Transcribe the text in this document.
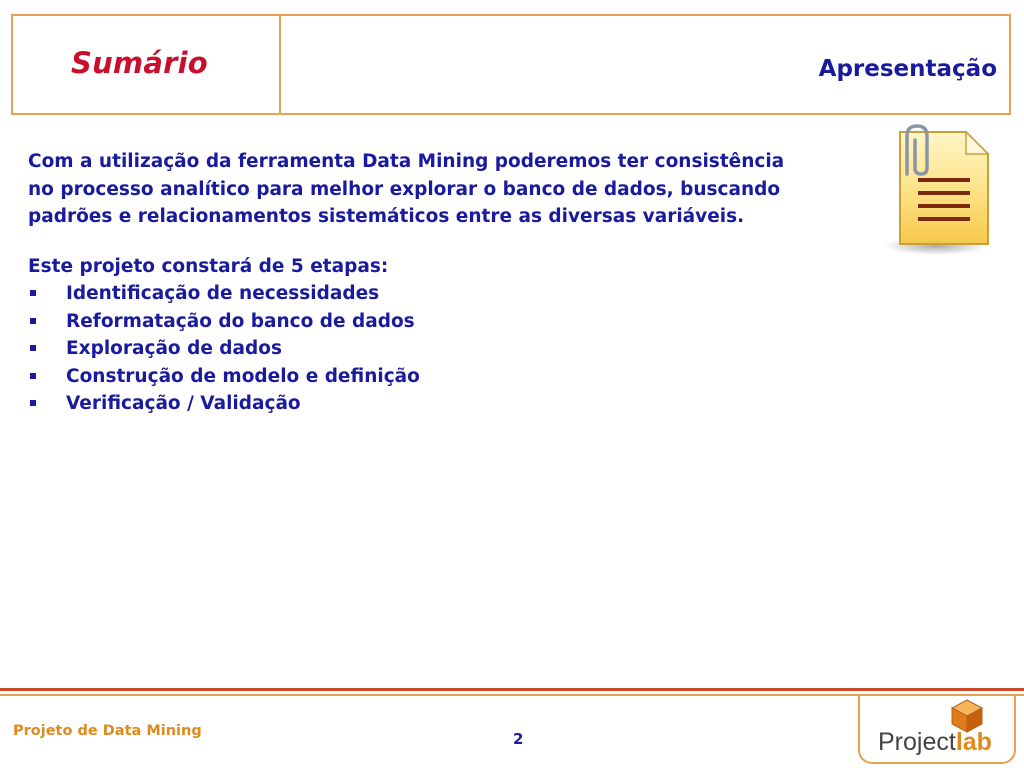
Sumário	Apresentação

Com a utilização da ferramenta Data Mining poderemos ter consistência
no processo analítico para melhor explorar o banco de dados, buscando
padrões e relacionamentos sistemáticos entre as diversas variáveis.

Este projeto constará de 5 etapas:

Identificação de necessidades
Reformatação do banco de dados
Exploração de dados
Construção de modelo e definição
Verificação / Validação
Projeto de Data Mining	2	Projectlab
